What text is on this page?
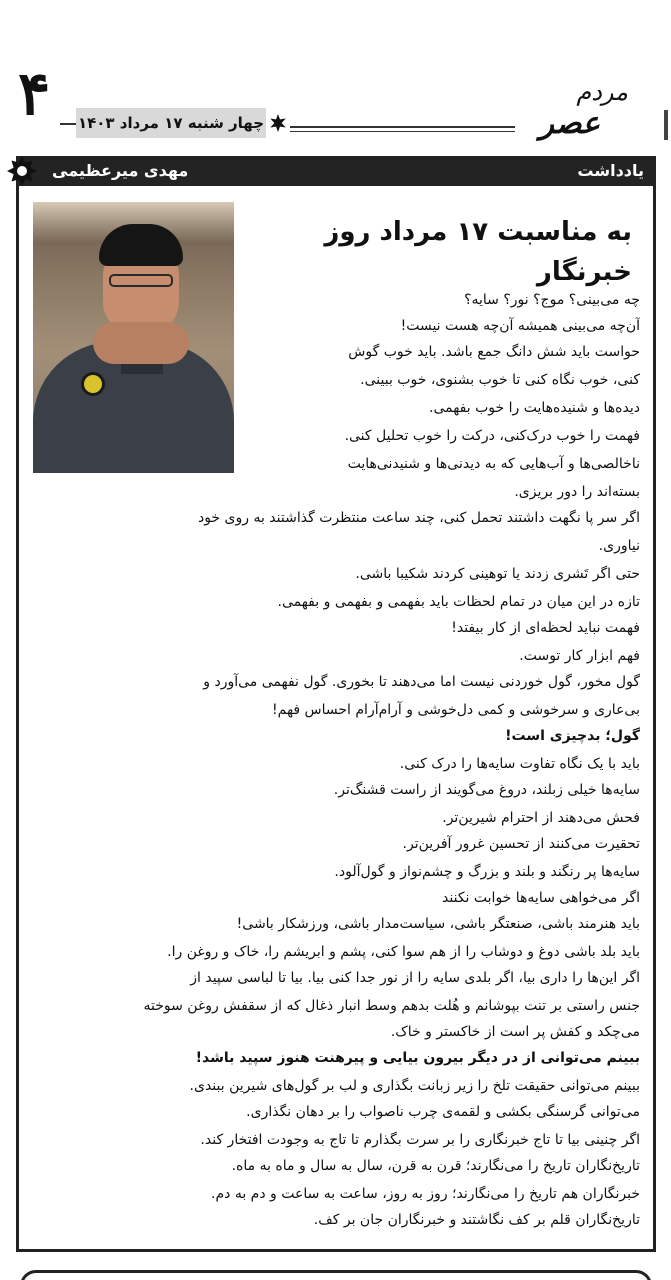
۴ چهار شنبه ۱۷ مرداد ۱۴۰۳
مردم
عصر
یادداشت
مهدی میرعظیمی
به مناسبت ۱۷ مرداد روز خبرنگار
چه می‌بینی؟ موج؟ نور؟ سایه؟
آن‌چه می‌بینی همیشه آن‌چه هست نیست!
حواست باید شش دانگ جمع باشد. باید خوب گوش
کنی، خوب نگاه کنی تا خوب بشنوی، خوب ببینی.
دیده‌ها و شنیده‌هایت را خوب بفهمی.
فهمت را خوب درک‌کنی، درکت را خوب تحلیل کنی.
ناخالصی‌ها و آب‌هایی که به دیدنی‌ها و شنیدنی‌هایت
بسته‌اند را دور بریزی.
اگر سر پا نگهت داشتند تحمل کنی، چند ساعت منتظرت گذاشتند به روی خود
نیاوری.
حتی اگر تَشری زدند یا توهینی کردند شکیبا باشی.
تازه در این میان در تمام لحظات باید بفهمی و بفهمی و بفهمی.
فهمت نباید لحظه‌ای از کار بیفتد!
فهم ابزار کار توست.
گول مخور، گول خوردنی نیست اما می‌دهند تا بخوری. گول نفهمی می‌آورد و
بی‌عاری و سرخوشی و کمی دل‌خوشی و آرام‌آرام احساس فهم!
گول؛ بدچیزی است!
باید با یک نگاه تفاوت سایه‌ها را درک کنی.
سایه‌ها خیلی زبلند، دروغ می‌گویند از راست قشنگ‌تر.
فحش می‌دهند از احترام شیرین‌تر.
تحقیرت می‌کنند از تحسین غرور آفرین‌تر.
سایه‌ها پر رنگند و بلند و بزرگ و چشم‌نواز و گول‌آلود.
اگر می‌خواهی سایه‌ها خوابت نکنند
باید هنرمند باشی، صنعتگر باشی، سیاست‌مدار باشی، ورزشکار باشی!
باید بلد باشی دوغ و دوشاب را از هم سوا کنی، پشم و ابریشم را، خاک و روغن را.
اگر این‌ها را داری بیا، اگر بلدی سایه را از نور جدا کنی بیا. بیا تا لباسی سپید از
جنس راستی بر تنت بپوشانم و هُلت بدهم وسط انبار ذغال که از سقفش روغن سوخته
می‌چکد و کفش پر است از خاکستر و خاک.
ببینم می‌توانی از در دیگر بیرون بیایی و پیرهنت هنوز سپید باشد!
ببینم می‌توانی حقیقت تلخ را زیر زبانت بگذاری و لب بر گول‌های شیرین ببندی.
می‌توانی گرسنگی بکشی و لقمه‌ی چرب ناصواب را بر دهان نگذاری.
اگر چنینی بیا تا تاج خبرنگاری را بر سرت بگذارم تا تاج به وجودت افتخار کند.
تاریخ‌نگاران تاریخ را می‌نگارند؛ قرن به قرن، سال به سال و ماه به ماه.
خبرنگاران هم تاریخ را می‌نگارند؛ روز به روز، ساعت به ساعت و دم به دم.
تاریخ‌نگاران قلم بر کف نگاشتند و خبرنگاران جان بر کف.
